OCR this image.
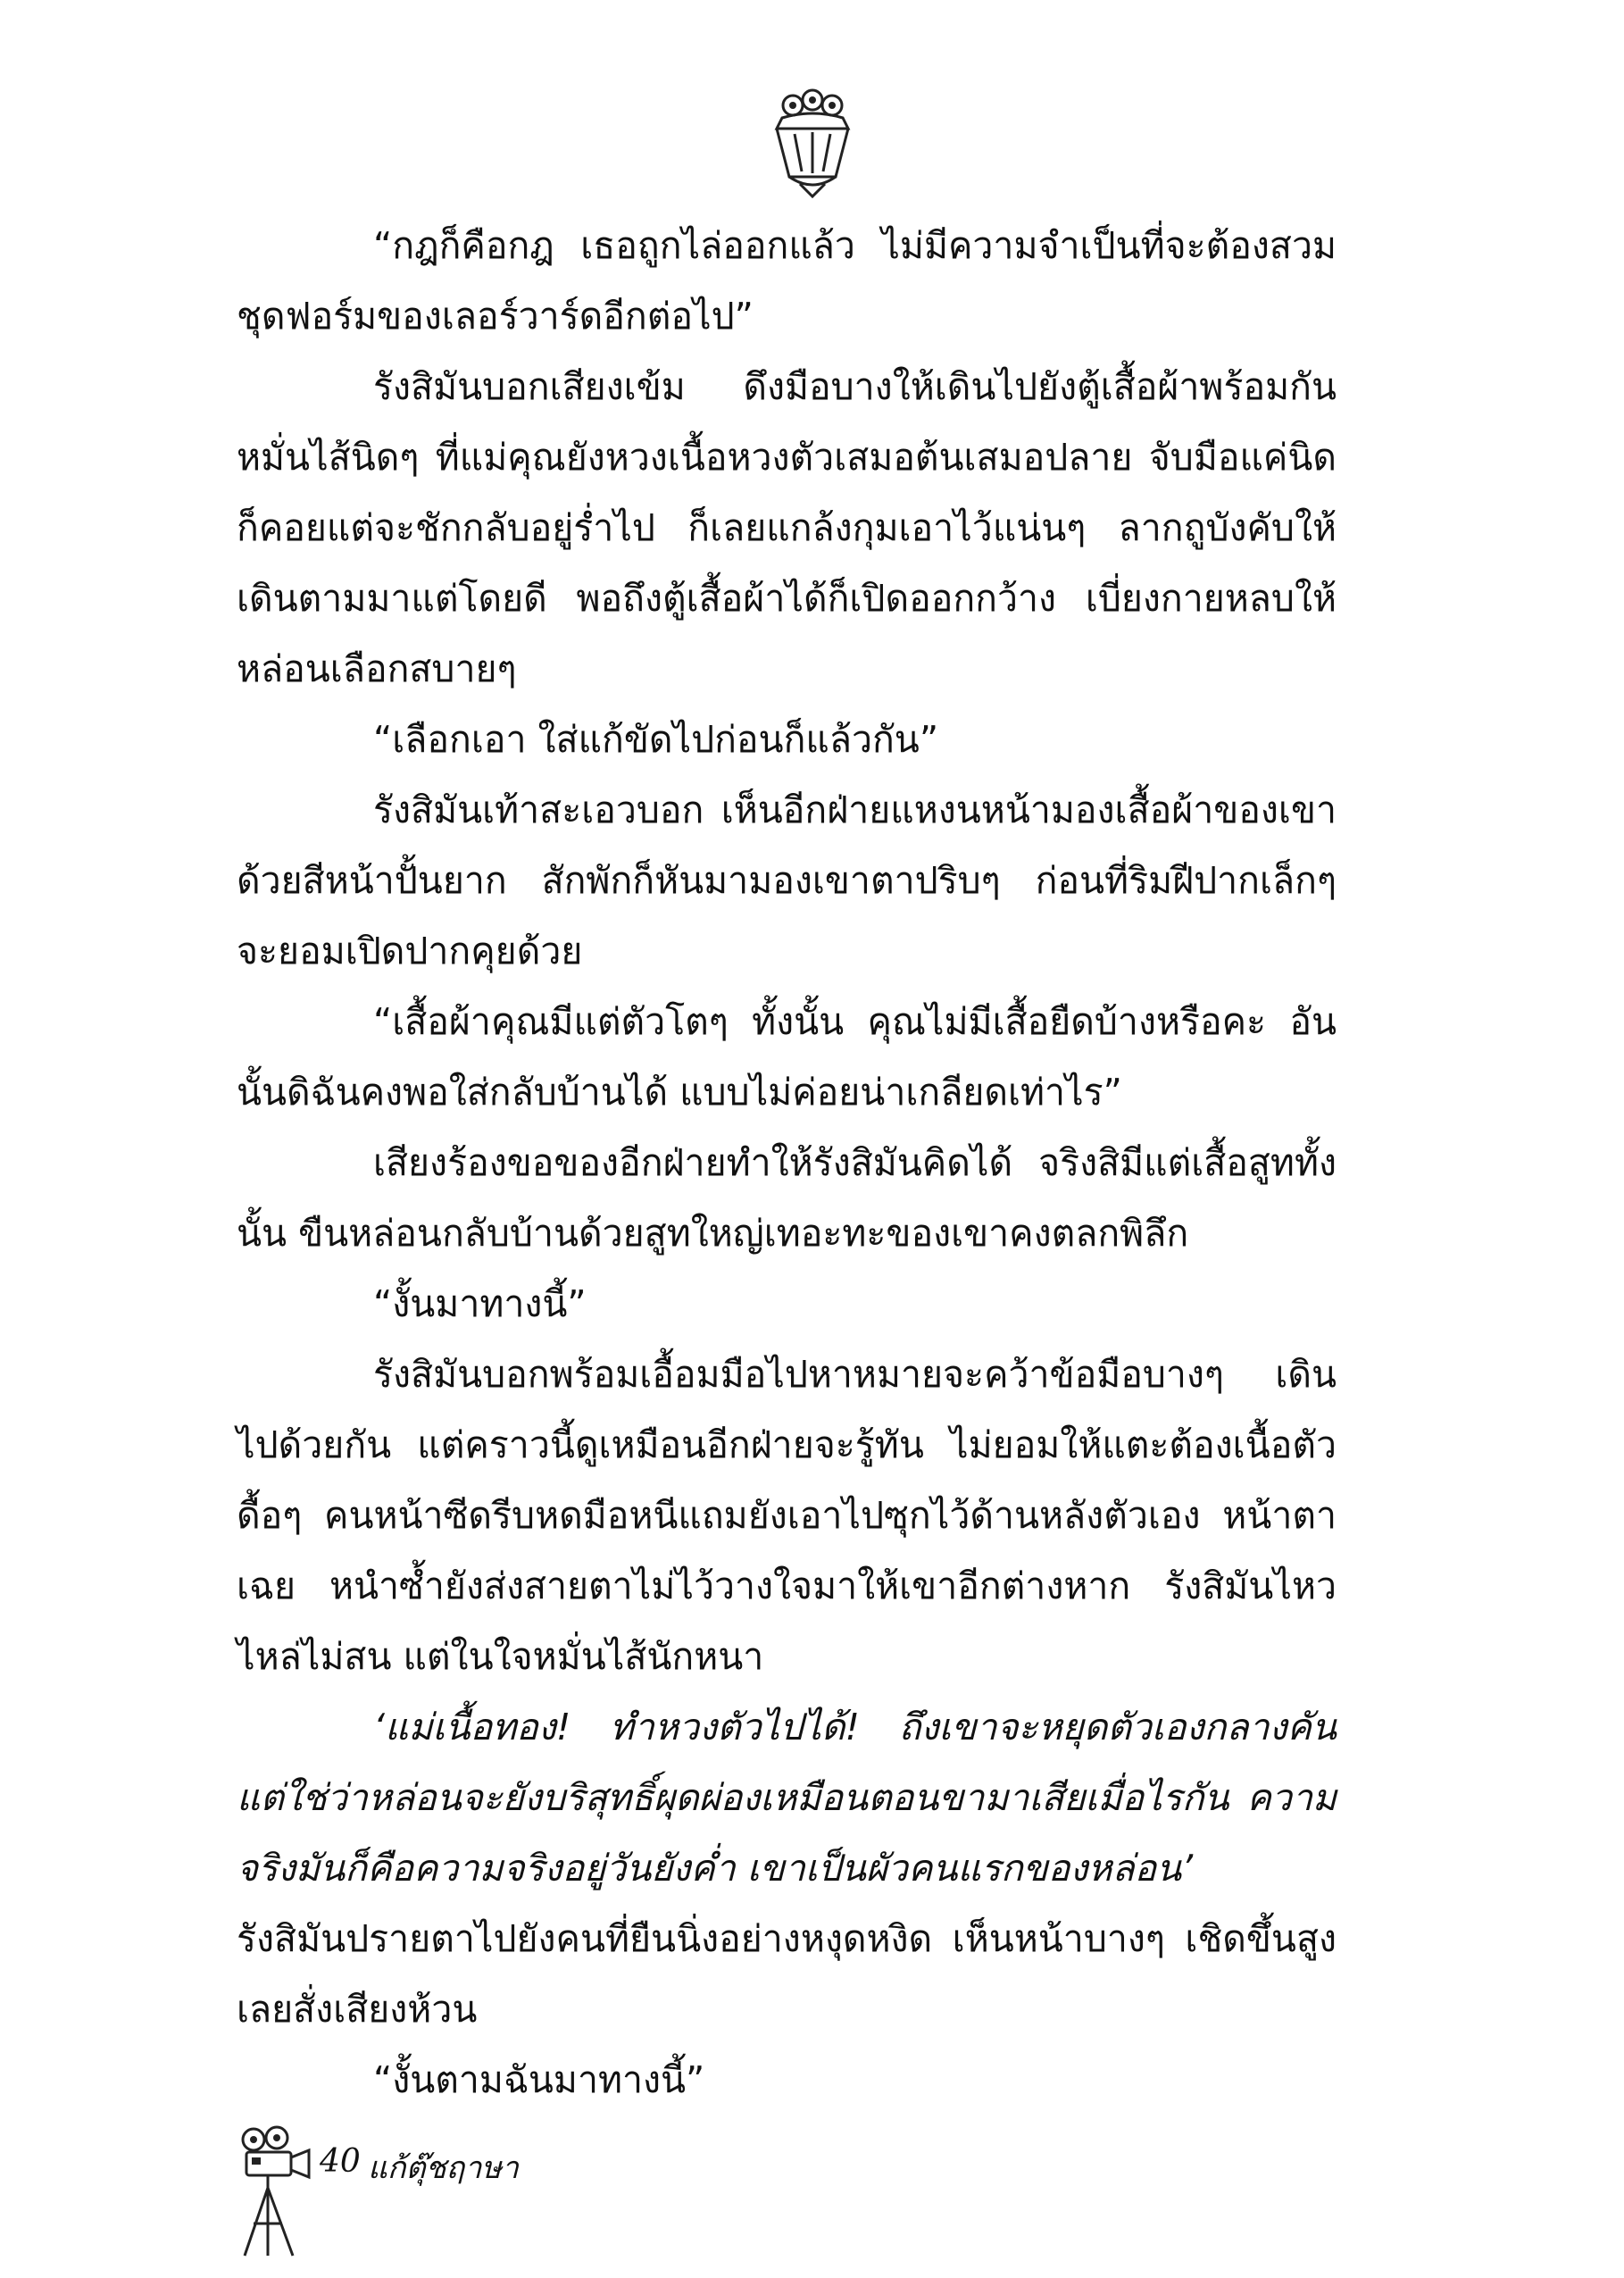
“กฎก็คือกฎ เธอถูกไล่ออกแล้ว ไม่มีความจำเป็นที่จะต้องสวมชุดฟอร์มของเลอร์วาร์ดอีกต่อไป”

รังสิมันบอกเสียงเข้ม ดึงมือบางให้เดินไปยังตู้เสื้อผ้าพร้อมกัน หมั่นไส้นิดๆ ที่แม่คุณยังหวงเนื้อหวงตัวเสมอต้นเสมอปลาย จับมือแค่นิดก็คอยแต่จะชักกลับอยู่ร่ำไป ก็เลยแกล้งกุมเอาไว้แน่นๆ ลากถูบังคับให้เดินตามมาแต่โดยดี พอถึงตู้เสื้อผ้าได้ก็เปิดออกกว้าง เบี่ยงกายหลบให้หล่อนเลือกสบายๆ

“เลือกเอา ใส่แก้ขัดไปก่อนก็แล้วกัน”

รังสิมันเท้าสะเอวบอก เห็นอีกฝ่ายแหงนหน้ามองเสื้อผ้าของเขาด้วยสีหน้าปั้นยาก สักพักก็หันมามองเขาตาปริบๆ ก่อนที่ริมฝีปากเล็กๆ จะยอมเปิดปากคุยด้วย

“เสื้อผ้าคุณมีแต่ตัวโตๆ ทั้งนั้น คุณไม่มีเสื้อยืดบ้างหรือคะ อันนั้นดิฉันคงพอใส่กลับบ้านได้ แบบไม่ค่อยน่าเกลียดเท่าไร”

เสียงร้องขอของอีกฝ่ายทำให้รังสิมันคิดได้ จริงสิมีแต่เสื้อสูททั้งนั้น ขืนหล่อนกลับบ้านด้วยสูทใหญ่เทอะทะของเขาคงตลกพิลึก

“งั้นมาทางนี้”

รังสิมันบอกพร้อมเอื้อมมือไปหาหมายจะคว้าข้อมือบางๆ เดินไปด้วยกัน แต่คราวนี้ดูเหมือนอีกฝ่ายจะรู้ทัน ไม่ยอมให้แตะต้องเนื้อตัวดื้อๆ คนหน้าซีดรีบหดมือหนีแถมยังเอาไปซุกไว้ด้านหลังตัวเอง หน้าตาเฉย หนำซ้ำยังส่งสายตาไม่ไว้วางใจมาให้เขาอีกต่างหาก รังสิมันไหวไหล่ไม่สน แต่ในใจหมั่นไส้นักหนา

‘แม่เนื้อทอง! ทำหวงตัวไปได้! ถึงเขาจะหยุดตัวเองกลางคัน แต่ใช่ว่าหล่อนจะยังบริสุทธิ์ผุดผ่องเหมือนตอนขามาเสียเมื่อไรกัน ความจริงมันก็คือความจริงอยู่วันยังค่ำ เขาเป็นผัวคนแรกของหล่อน’

รังสิมันปรายตาไปยังคนที่ยืนนิ่งอย่างหงุดหงิด เห็นหน้าบางๆ เชิดขึ้นสูง เลยสั่งเสียงห้วน

“งั้นตามฉันมาทางนี้”

40 แก้ตุ๊ชฤาษา
